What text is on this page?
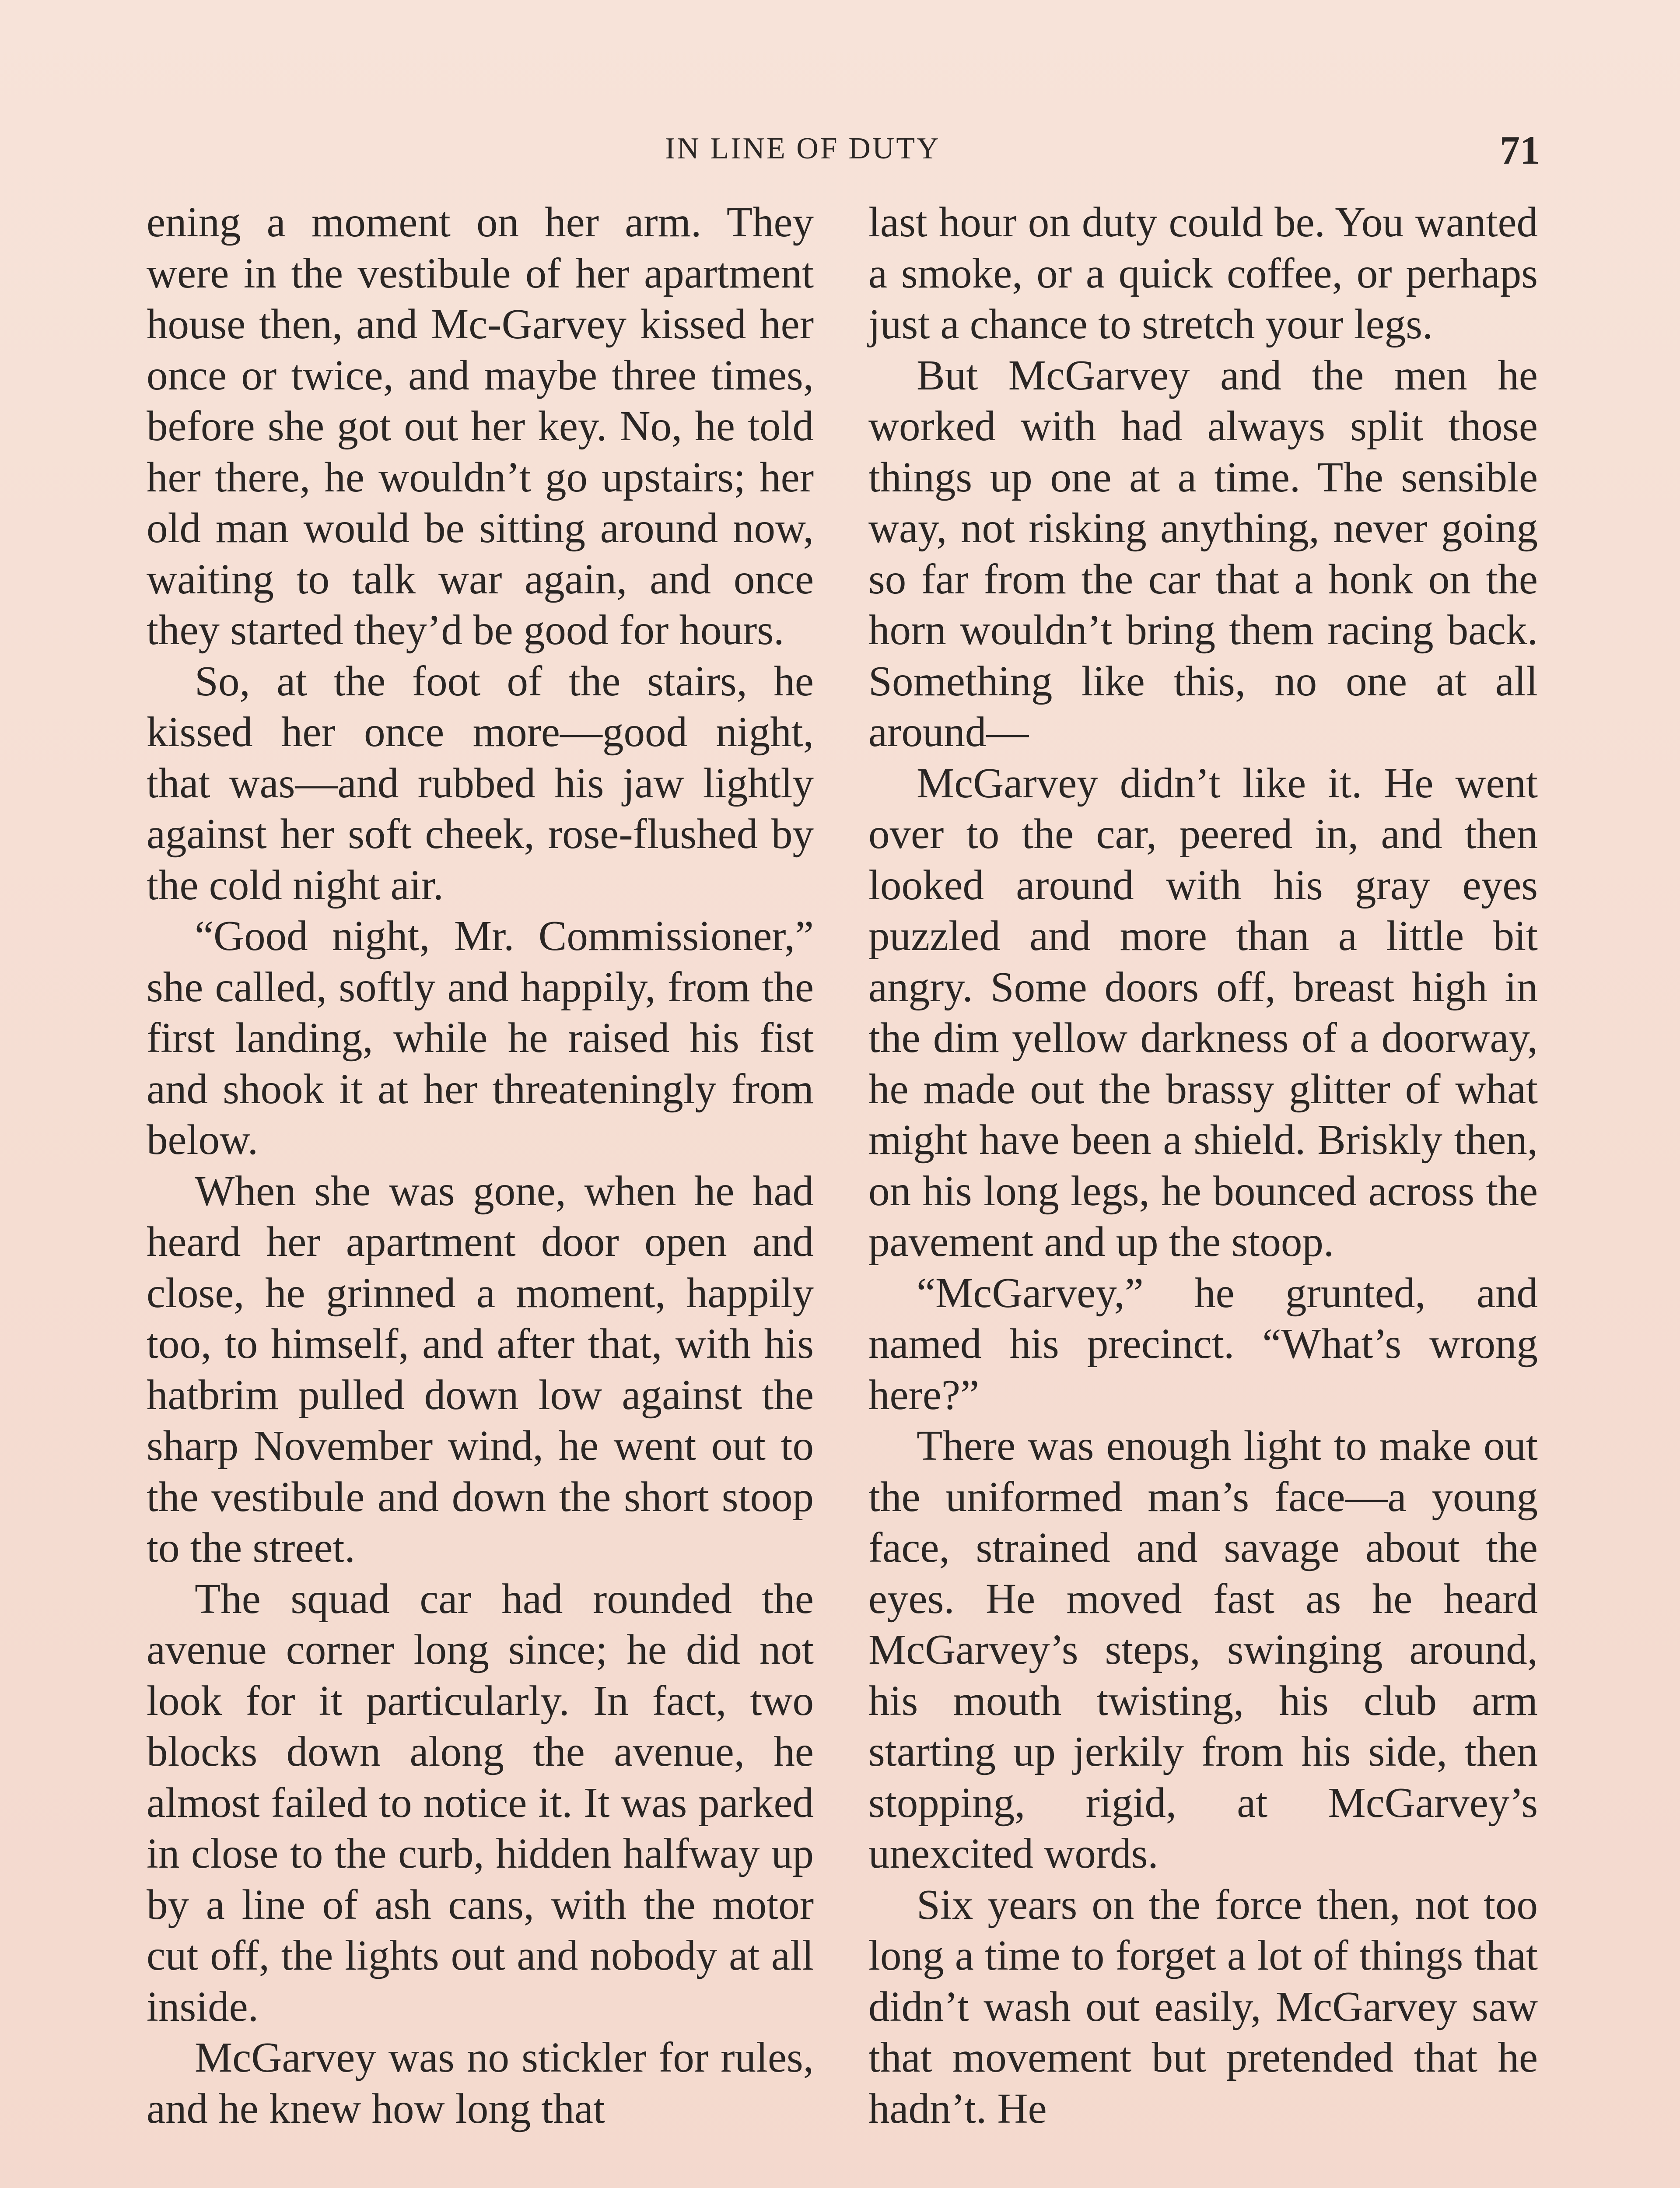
IN LINE OF DUTY	71

ening a moment on her arm. They were in the vestibule of her apartment house then, and Mc-Garvey kissed her once or twice, and maybe three times, before she got out her key. No, he told her there, he wouldn’t go upstairs; her old man would be sitting around now, waiting to talk war again, and once they started they’d be good for hours.

So, at the foot of the stairs, he kissed her once more—good night, that was—and rubbed his jaw lightly against her soft cheek, rose-flushed by the cold night air.

“Good night, Mr. Commissioner,” she called, softly and happily, from the first landing, while he raised his fist and shook it at her threateningly from below.

When she was gone, when he had heard her apartment door open and close, he grinned a moment, happily too, to himself, and after that, with his hatbrim pulled down low against the sharp November wind, he went out to the vestibule and down the short stoop to the street.

The squad car had rounded the avenue corner long since; he did not look for it particularly. In fact, two blocks down along the avenue, he almost failed to notice it. It was parked in close to the curb, hidden halfway up by a line of ash cans, with the motor cut off, the lights out and nobody at all inside.

McGarvey was no stickler for rules, and he knew how long that

last hour on duty could be. You wanted a smoke, or a quick coffee, or perhaps just a chance to stretch your legs.

But McGarvey and the men he worked with had always split those things up one at a time. The sensible way, not risking anything, never going so far from the car that a honk on the horn wouldn’t bring them racing back. Something like this, no one at all around—

McGarvey didn’t like it. He went over to the car, peered in, and then looked around with his gray eyes puzzled and more than a little bit angry. Some doors off, breast high in the dim yellow darkness of a doorway, he made out the brassy glitter of what might have been a shield. Briskly then, on his long legs, he bounced across the pavement and up the stoop.

“McGarvey,” he grunted, and named his precinct. “What’s wrong here?”

There was enough light to make out the uniformed man’s face—a young face, strained and savage about the eyes. He moved fast as he heard McGarvey’s steps, swinging around, his mouth twisting, his club arm starting up jerkily from his side, then stopping, rigid, at McGarvey’s unexcited words.

Six years on the force then, not too long a time to forget a lot of things that didn’t wash out easily, McGarvey saw that movement but pretended that he hadn’t. He
